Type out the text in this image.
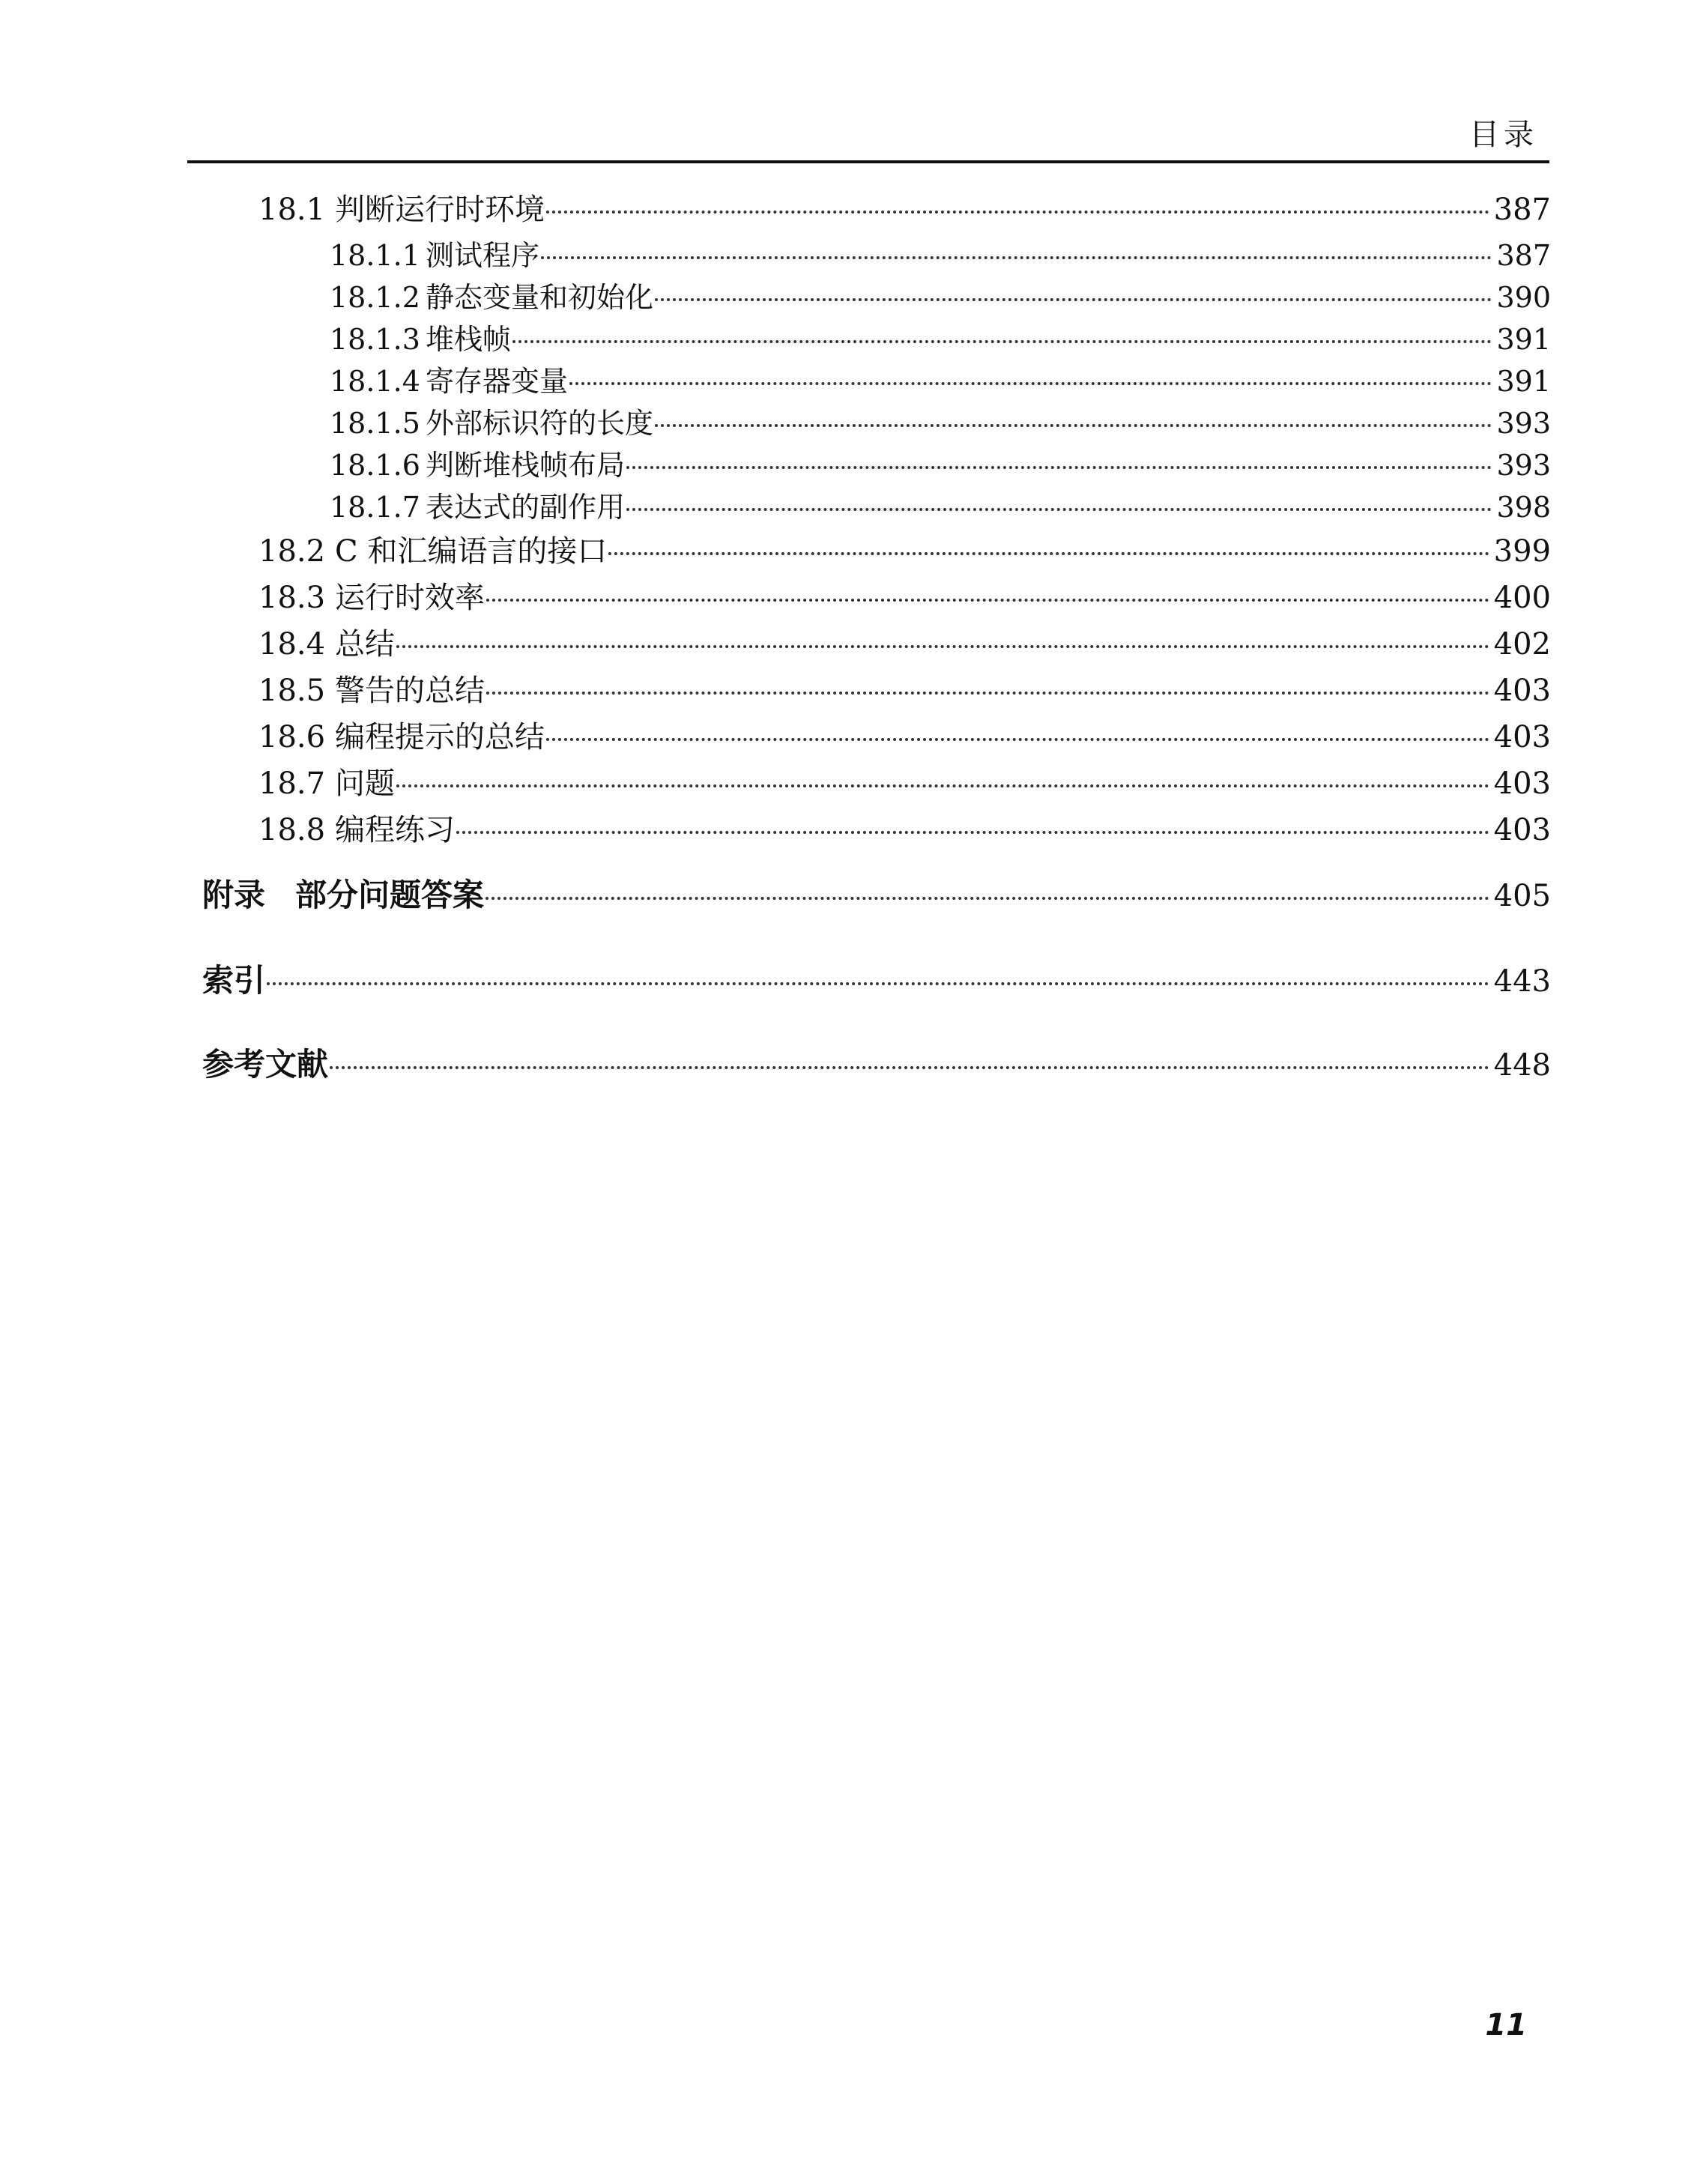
目录
18.1 判断运行时环境	387
18.1.1 测试程序	387
18.1.2 静态变量和初始化	390
18.1.3 堆栈帧	391
18.1.4 寄存器变量	391
18.1.5 外部标识符的长度	393
18.1.6 判断堆栈帧布局	393
18.1.7 表达式的副作用	398
18.2 C 和汇编语言的接口	399
18.3 运行时效率	400
18.4 总结	402
18.5 警告的总结	403
18.6 编程提示的总结	403
18.7 问题	403
18.8 编程练习	403
附录 部分问题答案	405
索引	443
参考文献	448
11
